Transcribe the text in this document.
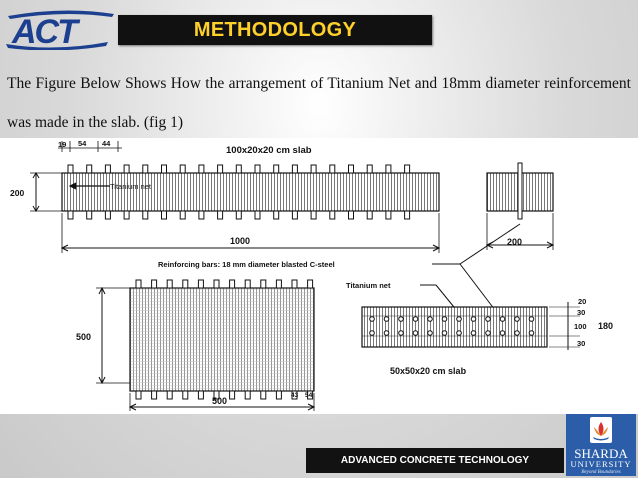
ACT	METHODOLOGY
The Figure Below Shows How the arrangement of Titanium Net and 18mm diameter reinforcement was made in the slab. (fig 1)
100x20x20 cm slab
19 54 44
Titanium net
200
1000	200
Reinforcing bars: 18 mm diameter blasted C-steel
Titanium net
500
500
43 54
20
30
100 180
30
50x50x20 cm slab
SHARDA
UNIVERSITY
Beyond Boundaries
ADVANCED CONCRETE TECHNOLOGY
